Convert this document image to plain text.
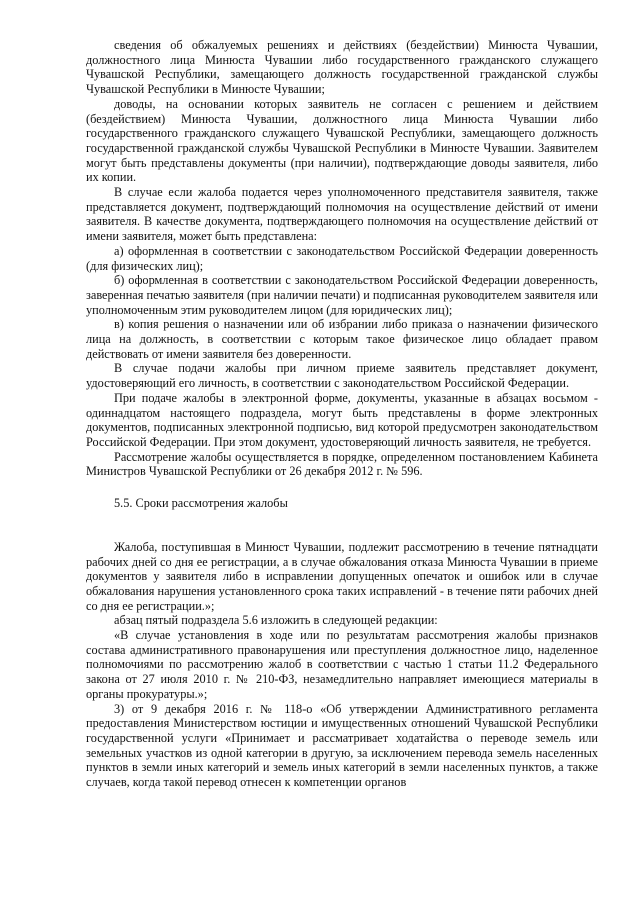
сведения об обжалуемых решениях и действиях (бездействии) Минюста Чувашии, должностного лица Минюста Чувашии либо государственного гражданского служащего Чувашской Республики, замещающего должность государственной гражданской службы Чувашской Республики в Минюсте Чувашии;

доводы, на основании которых заявитель не согласен с решением и действием (бездействием) Минюста Чувашии, должностного лица Минюста Чувашии либо государственного гражданского служащего Чувашской Республики, замещающего должность государственной гражданской службы Чувашской Республики в Минюсте Чувашии. Заявителем могут быть представлены документы (при наличии), подтверждающие доводы заявителя, либо их копии.

В случае если жалоба подается через уполномоченного представителя заявителя, также представляется документ, подтверждающий полномочия на осуществление действий от имени заявителя. В качестве документа, подтверждающего полномочия на осуществление действий от имени заявителя, может быть представлена:

а) оформленная в соответствии с законодательством Российской Федерации доверенность (для физических лиц);

б) оформленная в соответствии с законодательством Российской Федерации доверенность, заверенная печатью заявителя (при наличии печати) и подписанная руководителем заявителя или уполномоченным этим руководителем лицом (для юридических лиц);

в) копия решения о назначении или об избрании либо приказа о назначении физического лица на должность, в соответствии с которым такое физическое лицо обладает правом действовать от имени заявителя без доверенности.

В случае подачи жалобы при личном приеме заявитель представляет документ, удостоверяющий его личность, в соответствии с законодательством Российской Федерации.

При подаче жалобы в электронной форме, документы, указанные в абзацах восьмом - одиннадцатом настоящего подраздела, могут быть представлены в форме электронных документов, подписанных электронной подписью, вид которой предусмотрен законодательством Российской Федерации. При этом документ, удостоверяющий личность заявителя, не требуется.

Рассмотрение жалобы осуществляется в порядке, определенном постановлением Кабинета Министров Чувашской Республики от 26 декабря 2012 г. № 596.

5.5. Сроки рассмотрения жалобы

Жалоба, поступившая в Минюст Чувашии, подлежит рассмотрению в течение пятнадцати рабочих дней со дня ее регистрации, а в случае обжалования отказа Минюста Чувашии в приеме документов у заявителя либо в исправлении допущенных опечаток и ошибок или в случае обжалования нарушения установленного срока таких исправлений - в течение пяти рабочих дней со дня ее регистрации.»;

абзац пятый подраздела 5.6 изложить в следующей редакции:

«В случае установления в ходе или по результатам рассмотрения жалобы признаков состава административного правонарушения или преступления должностное лицо, наделенное полномочиями по рассмотрению жалоб в соответствии с частью 1 статьи 11.2 Федерального закона от 27 июля 2010 г. № 210-ФЗ, незамедлительно направляет имеющиеся материалы в органы прокуратуры.»;

3) от 9 декабря 2016 г. № 118-о «Об утверждении Административного регламента предоставления Министерством юстиции и имущественных отношений Чувашской Республики государственной услуги «Принимает и рассматривает ходатайства о переводе земель или земельных участков из одной категории в другую, за исключением перевода земель населенных пунктов в земли иных категорий и земель иных категорий в земли населенных пунктов, а также случаев, когда такой перевод отнесен к компетенции органов
